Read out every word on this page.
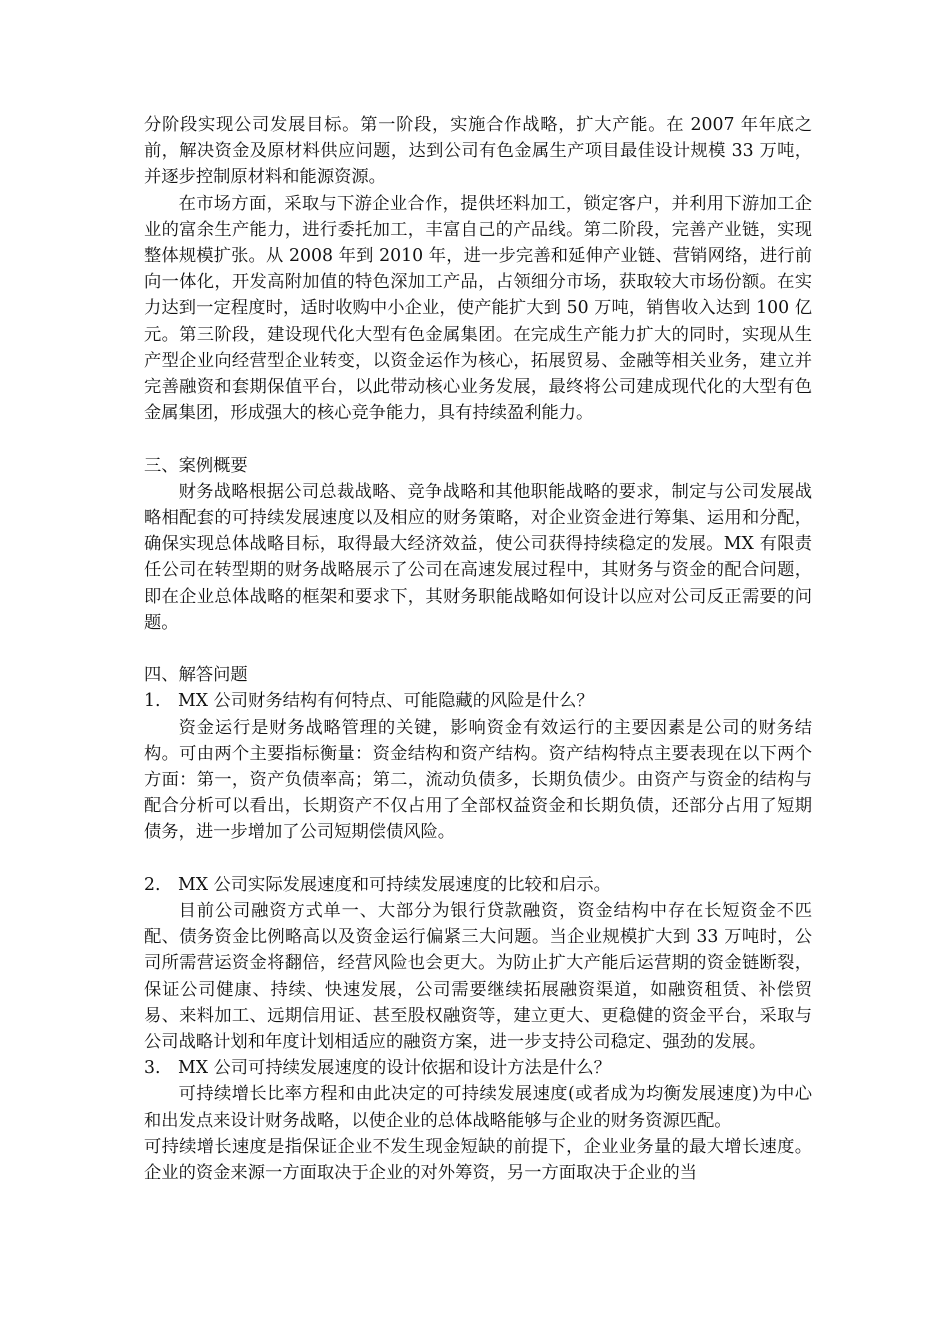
分阶段实现公司发展目标。第一阶段，实施合作战略，扩大产能。在 2007 年年底之前，解决资金及原材料供应问题，达到公司有色金属生产项目最佳设计规模 33 万吨，并逐步控制原材料和能源资源。

在市场方面，采取与下游企业合作，提供坯料加工，锁定客户，并利用下游加工企业的富余生产能力，进行委托加工，丰富自己的产品线。第二阶段，完善产业链，实现整体规模扩张。从 2008 年到 2010 年，进一步完善和延伸产业链、营销网络，进行前向一体化，开发高附加值的特色深加工产品，占领细分市场，获取较大市场份额。在实力达到一定程度时，适时收购中小企业，使产能扩大到 50 万吨，销售收入达到 100 亿元。第三阶段，建设现代化大型有色金属集团。在完成生产能力扩大的同时，实现从生产型企业向经营型企业转变，以资金运作为核心，拓展贸易、金融等相关业务，建立并完善融资和套期保值平台，以此带动核心业务发展，最终将公司建成现代化的大型有色金属集团，形成强大的核心竞争能力，具有持续盈利能力。

三、案例概要

财务战略根据公司总裁战略、竞争战略和其他职能战略的要求，制定与公司发展战略相配套的可持续发展速度以及相应的财务策略，对企业资金进行筹集、运用和分配，确保实现总体战略目标，取得最大经济效益，使公司获得持续稳定的发展。MX 有限责任公司在转型期的财务战略展示了公司在高速发展过程中，其财务与资金的配合问题，即在企业总体战略的框架和要求下，其财务职能战略如何设计以应对公司反正需要的问题。

四、解答问题

1. MX 公司财务结构有何特点、可能隐藏的风险是什么？

资金运行是财务战略管理的关键，影响资金有效运行的主要因素是公司的财务结构。可由两个主要指标衡量：资金结构和资产结构。资产结构特点主要表现在以下两个方面：第一，资产负债率高；第二，流动负债多，长期负债少。由资产与资金的结构与配合分析可以看出，长期资产不仅占用了全部权益资金和长期负债，还部分占用了短期债务，进一步增加了公司短期偿债风险。

2. MX 公司实际发展速度和可持续发展速度的比较和启示。

目前公司融资方式单一、大部分为银行贷款融资，资金结构中存在长短资金不匹配、债务资金比例略高以及资金运行偏紧三大问题。当企业规模扩大到 33 万吨时，公司所需营运资金将翻倍，经营风险也会更大。为防止扩大产能后运营期的资金链断裂，保证公司健康、持续、快速发展，公司需要继续拓展融资渠道，如融资租赁、补偿贸易、来料加工、远期信用证、甚至股权融资等，建立更大、更稳健的资金平台，采取与公司战略计划和年度计划相适应的融资方案，进一步支持公司稳定、强劲的发展。

3. MX 公司可持续发展速度的设计依据和设计方法是什么？

可持续增长比率方程和由此决定的可持续发展速度(或者成为均衡发展速度)为中心和出发点来设计财务战略，以使企业的总体战略能够与企业的财务资源匹配。

可持续增长速度是指保证企业不发生现金短缺的前提下，企业业务量的最大增长速度。企业的资金来源一方面取决于企业的对外筹资，另一方面取决于企业的当
